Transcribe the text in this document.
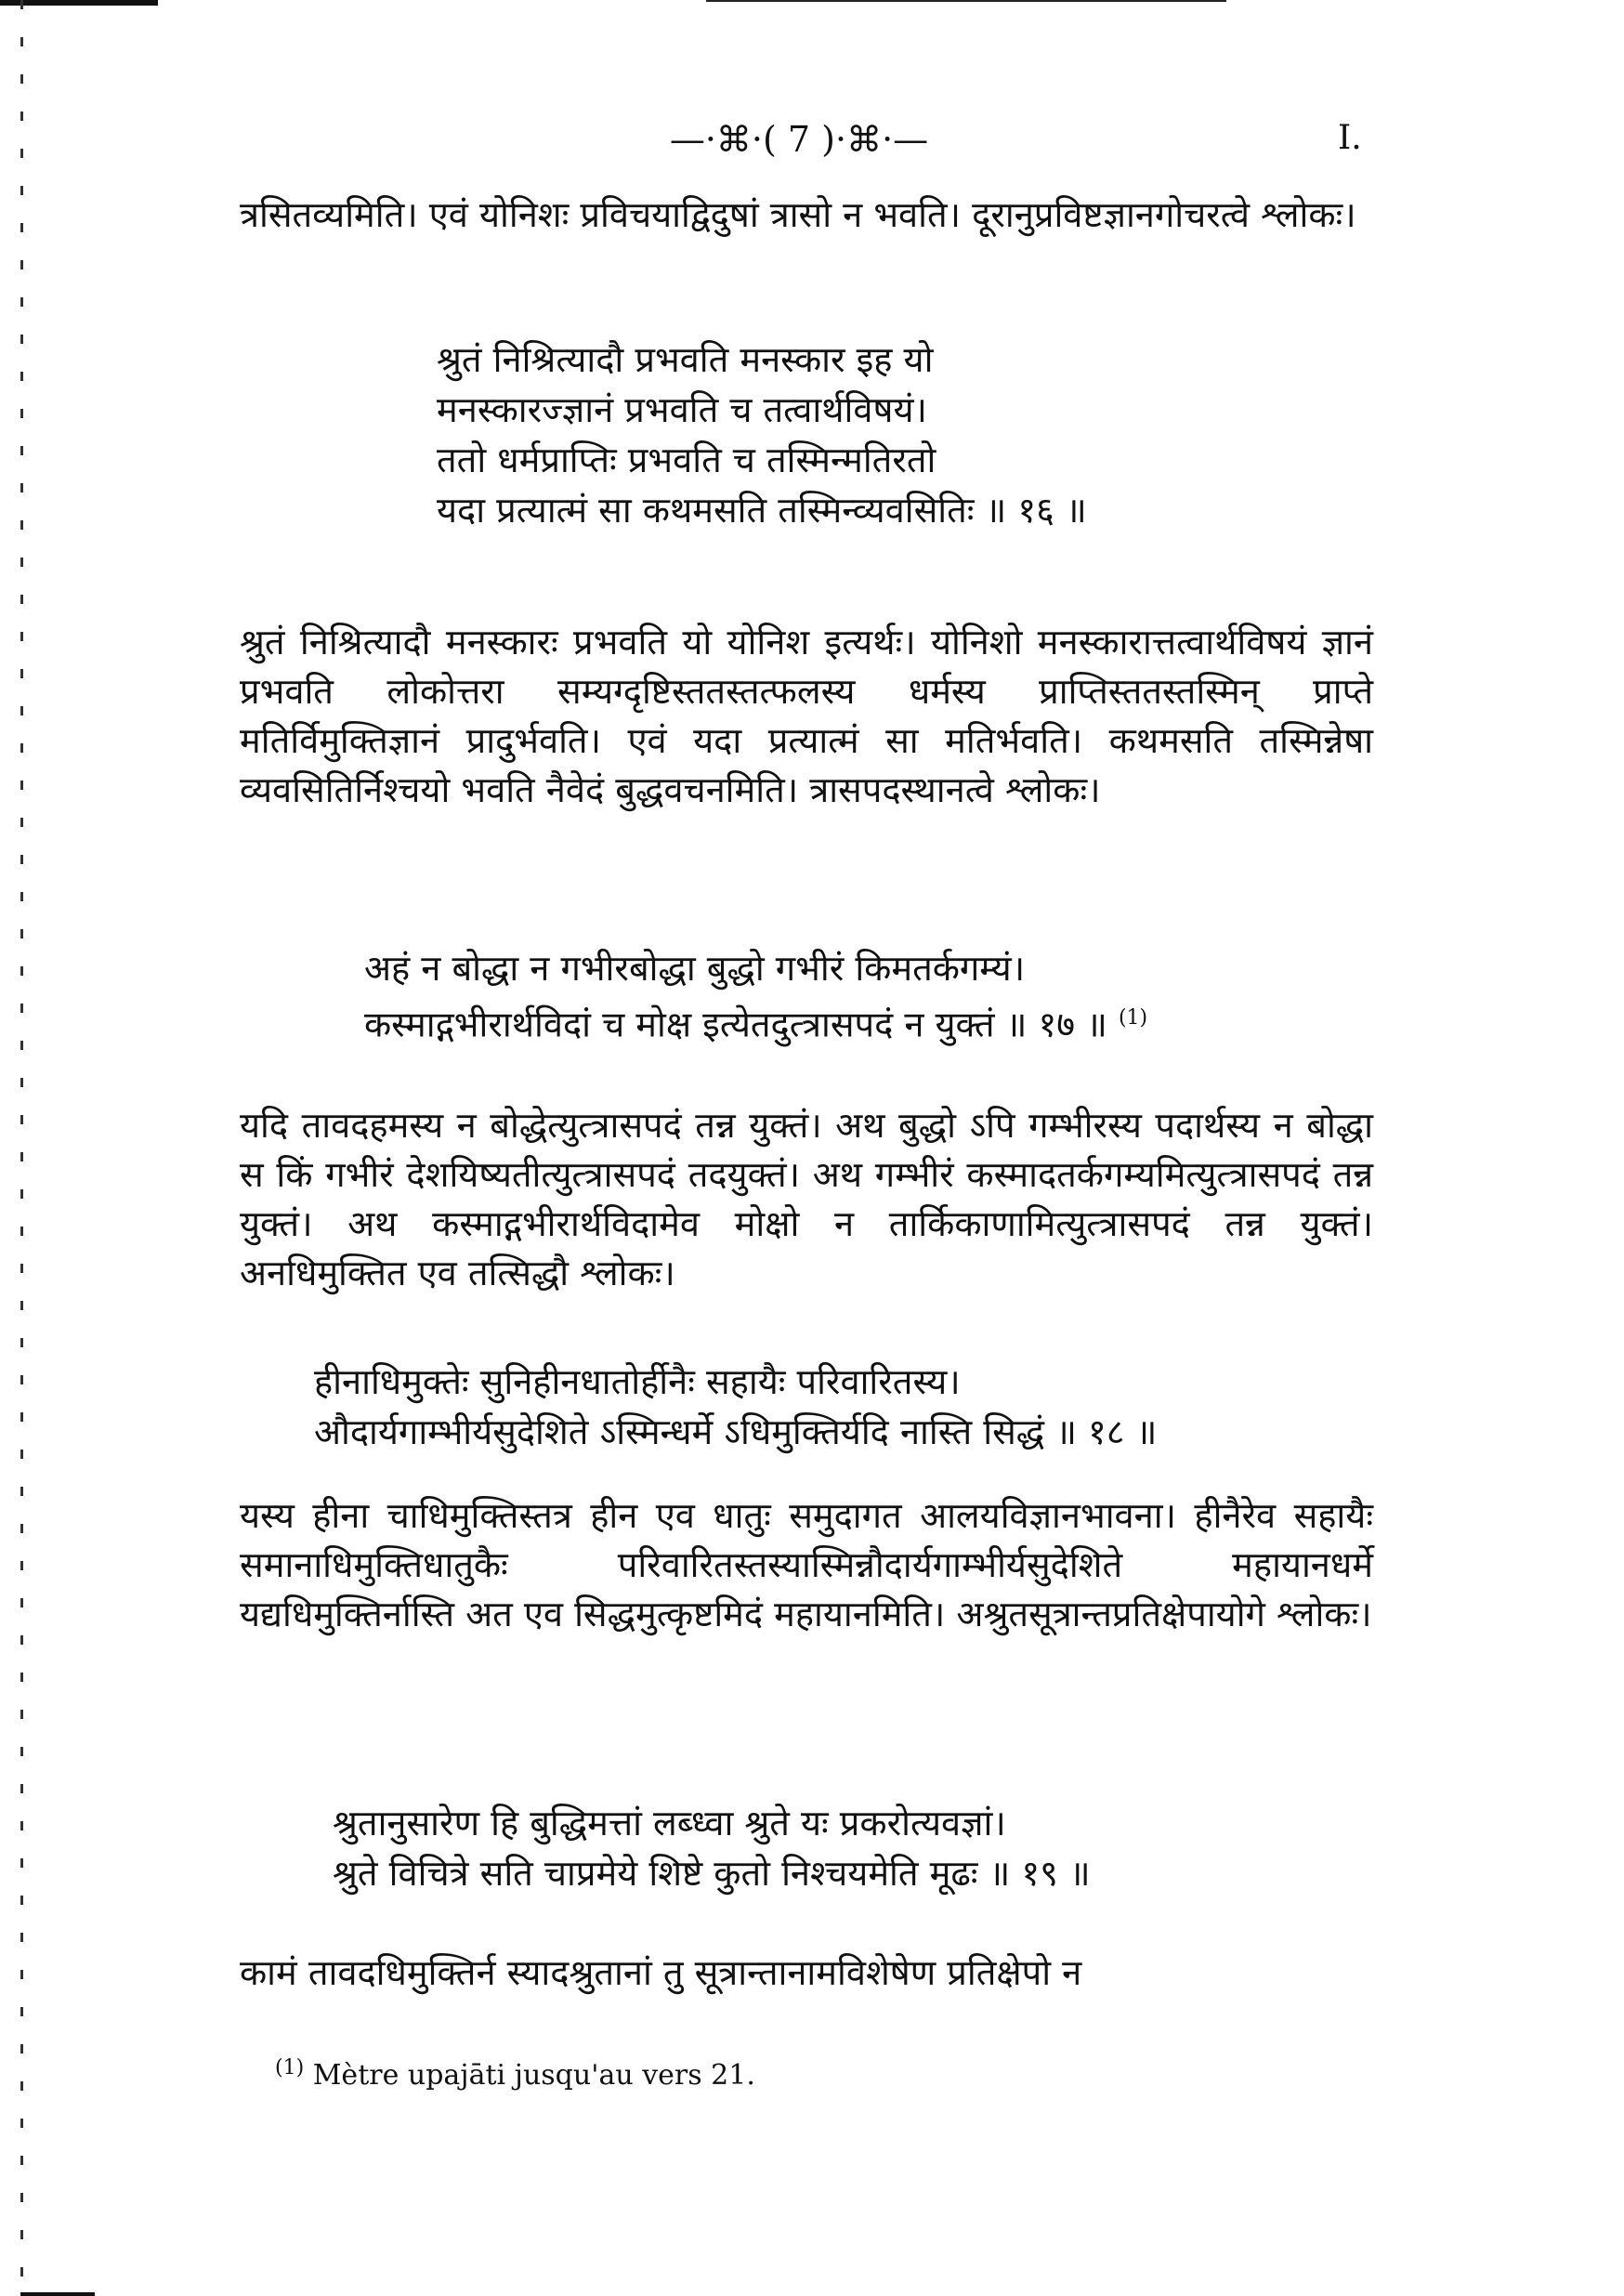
—·⌘·( 7 )·⌘·—	I.

त्रसितव्यमिति। एवं योनिशः प्रविचयाद्विदुषां त्रासो न भवति। दूरानुप्रविष्टज्ञानगोचरत्वे श्लोकः।

श्रुतं निश्रित्यादौ प्रभवति मनस्कार इह यो
मनस्कारज्ज्ञानं प्रभवति च तत्वार्थविषयं।
ततो धर्मप्राप्तिः प्रभवति च तस्मिन्मतिरतो
यदा प्रत्यात्मं सा कथमसति तस्मिन्व्यवसितिः ॥ १६ ॥

श्रुतं निश्रित्यादौ मनस्कारः प्रभवति यो योनिश इत्यर्थः। योनिशो मनस्कारात्तत्वार्थविषयं ज्ञानं प्रभवति लोकोत्तरा सम्यग्दृष्टिस्ततस्तत्फलस्य धर्मस्य प्राप्तिस्ततस्तस्मिन् प्राप्ते मतिर्विमुक्तिज्ञानं प्रादुर्भवति। एवं यदा प्रत्यात्मं सा मतिर्भवति। कथमसति तस्मिन्नेषा व्यवसितिर्निश्चयो भवति नैवेदं बुद्धवचनमिति। त्रासपदस्थानत्वे श्लोकः।

अहं न बोद्धा न गभीरबोद्धा बुद्धो गभीरं किमतर्कगम्यं।
कस्माद्गभीरार्थविदां च मोक्ष इत्येतदुत्त्रासपदं न युक्तं ॥ १७ ॥ $^{(1)}$

यदि तावदहमस्य न बोद्धेत्युत्त्रासपदं तन्न युक्तं। अथ बुद्धो ऽपि गम्भीरस्य पदार्थस्य न बोद्धा स किं गभीरं देशयिष्यतीत्युत्त्रासपदं तदयुक्तं। अथ गम्भीरं कस्मादतर्कगम्यमित्युत्त्रासपदं तन्न युक्तं। अथ कस्माद्गभीरार्थविदामेव मोक्षो न तार्किकाणामित्युत्त्रासपदं तन्न युक्तं। अनधिमुक्तित एव तत्सिद्धौ श्लोकः।

हीनाधिमुक्तेः सुनिहीनधातोर्हीनैः सहायैः परिवारितस्य।
औदार्यगाम्भीर्यसुदेशिते ऽस्मिन्धर्मे ऽधिमुक्तिर्यदि नास्ति सिद्धं ॥ १८ ॥

यस्य हीना चाधिमुक्तिस्तत्र हीन एव धातुः समुदागत आलयविज्ञानभावना। हीनैरेव सहायैः समानाधिमुक्तिधातुकैः परिवारितस्तस्यास्मिन्नौदार्यगाम्भीर्यसुदेशिते महायानधर्मे यद्यधिमुक्तिर्नास्ति अत एव सिद्धमुत्कृष्टमिदं महायानमिति। अश्रुतसूत्रान्तप्रतिक्षेपायोगे श्लोकः।

श्रुतानुसारेण हि बुद्धिमत्तां लब्ध्वा श्रुते यः प्रकरोत्यवज्ञां।
श्रुते विचित्रे सति चाप्रमेये शिष्टे कुतो निश्चयमेति मूढः ॥ १९ ॥

कामं तावदधिमुक्तिर्न स्यादश्रुतानां तु सूत्रान्तानामविशेषेण प्रतिक्षेपो न

$^{(1)}$ Mètre upajāti jusqu'au vers 21.
